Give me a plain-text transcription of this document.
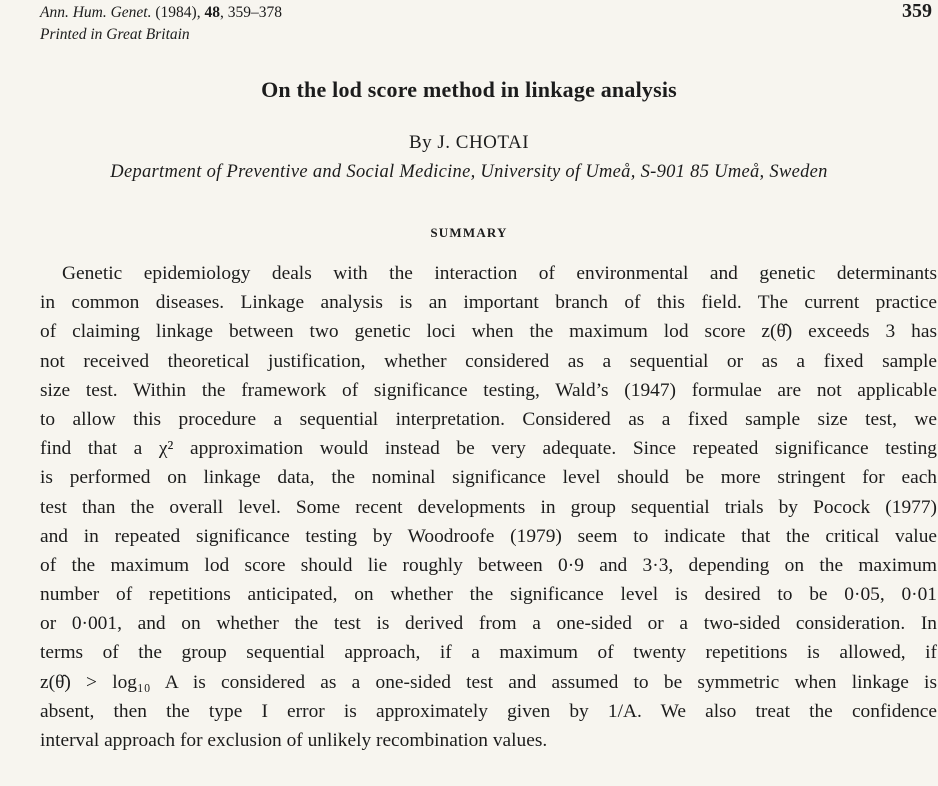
Ann. Hum. Genet. (1984), 48, 359–378
Printed in Great Britain
359
On the lod score method in linkage analysis
By J. CHOTAI
Department of Preventive and Social Medicine, University of Umeå, S-901 85 Umeå, Sweden
SUMMARY
Genetic epidemiology deals with the interaction of environmental and genetic determinants
in common diseases. Linkage analysis is an important branch of this field. The current practice
of claiming linkage between two genetic loci when the maximum lod score z(θ̂) exceeds 3 has
not received theoretical justification, whether considered as a sequential or as a fixed sample
size test. Within the framework of significance testing, Wald’s (1947) formulae are not applicable
to allow this procedure a sequential interpretation. Considered as a fixed sample size test, we
find that a χ² approximation would instead be very adequate. Since repeated significance testing
is performed on linkage data, the nominal significance level should be more stringent for each
test than the overall level. Some recent developments in group sequential trials by Pocock (1977)
and in repeated significance testing by Woodroofe (1979) seem to indicate that the critical value
of the maximum lod score should lie roughly between 0·9 and 3·3, depending on the maximum
number of repetitions anticipated, on whether the significance level is desired to be 0·05, 0·01
or 0·001, and on whether the test is derived from a one-sided or a two-sided consideration. In
terms of the group sequential approach, if a maximum of twenty repetitions is allowed, if
z(θ̂) > log₁₀ A is considered as a one-sided test and assumed to be symmetric when linkage is
absent, then the type I error is approximately given by 1/A. We also treat the confidence
interval approach for exclusion of unlikely recombination values.
